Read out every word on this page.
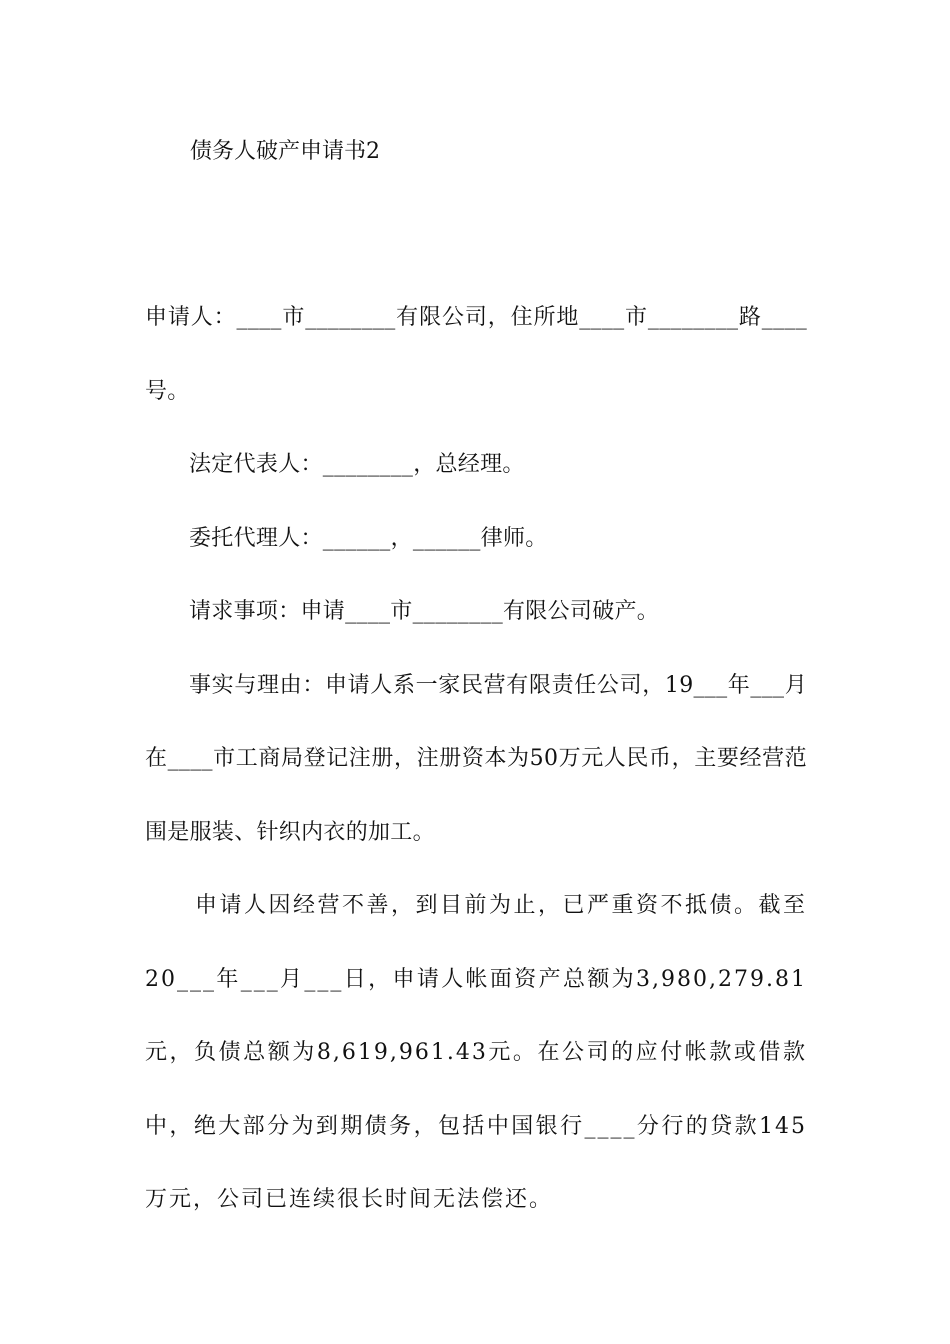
债务人破产申请书2

申请人：____市________有限公司，住所地____市________路____号。

法定代表人：________，总经理。

委托代理人：______，______律师。

请求事项：申请____市________有限公司破产。

事实与理由：申请人系一家民营有限责任公司，19___年___月在____市工商局登记注册，注册资本为50万元人民币，主要经营范围是服装、针织内衣的加工。

申请人因经营不善，到目前为止，已严重资不抵债。截至20___年___月___日，申请人帐面资产总额为3,980,279.81元，负债总额为8,619,961.43元。在公司的应付帐款或借款中，绝大部分为到期债务，包括中国银行____分行的贷款145万元，公司已连续很长时间无法偿还。
